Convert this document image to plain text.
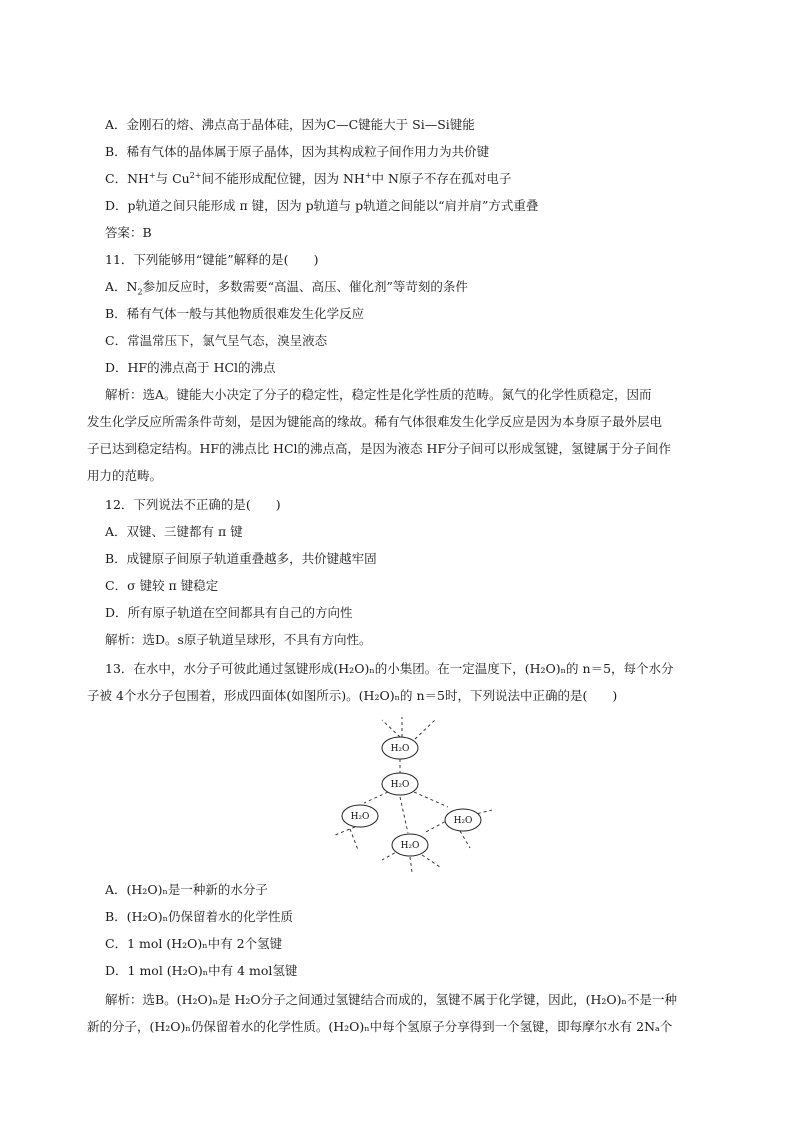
A．金刚石的熔、沸点高于晶体硅，因为C—C键能大于 Si—Si键能
B．稀有气体的晶体属于原子晶体，因为其构成粒子间作用力为共价键
C．NH+与 $Cu^{2+}$间不能形成配位键，因为 NH+中 N原子不存在孤对电子
D．p轨道之间只能形成 π 键，因为 p轨道与 p轨道之间能以“肩并肩”方式重叠
答案：B
11．下列能够用“键能”解释的是(　　)
A．$N_2$参加反应时，多数需要“高温、高压、催化剂”等苛刻的条件
B．稀有气体一般与其他物质很难发生化学反应
C．常温常压下，氯气呈气态，溴呈液态
D．HF的沸点高于 HCl的沸点
解析：选A。键能大小决定了分子的稳定性，稳定性是化学性质的范畴。氮气的化学性质稳定，因而
发生化学反应所需条件苛刻，是因为键能高的缘故。稀有气体很难发生化学反应是因为本身原子最外层电
子已达到稳定结构。HF的沸点比 HCl的沸点高，是因为液态 HF分子间可以形成氢键，氢键属于分子间作
用力的范畴。
12．下列说法不正确的是(　　)
A．双键、三键都有 π 键
B．成键原子间原子轨道重叠越多，共价键越牢固
C．σ 键较 π 键稳定
D．所有原子轨道在空间都具有自己的方向性
解析：选D。s原子轨道呈球形，不具有方向性。
13．在水中，水分子可彼此通过氢键形成(H₂O)ₙ的小集团。在一定温度下，(H₂O)ₙ的 n＝5，每个水分
子被 4个水分子包围着，形成四面体(如图所示)。(H₂O)ₙ的 n＝5时，下列说法中正确的是(　　)
H₂O
H₂O
H₂O	H₂O
H₂O
A．(H₂O)ₙ是一种新的水分子
B．(H₂O)ₙ仍保留着水的化学性质
C．1 mol (H₂O)ₙ中有 2个氢键
D．1 mol (H₂O)ₙ中有 4 mol氢键
解析：选B。(H₂O)ₙ是 H₂O分子之间通过氢键结合而成的，氢键不属于化学键，因此，(H₂O)ₙ不是一种
新的分子，(H₂O)ₙ仍保留着水的化学性质。(H₂O)ₙ中每个氢原子分享得到一个氢键，即每摩尔水有 2Nₐ个
